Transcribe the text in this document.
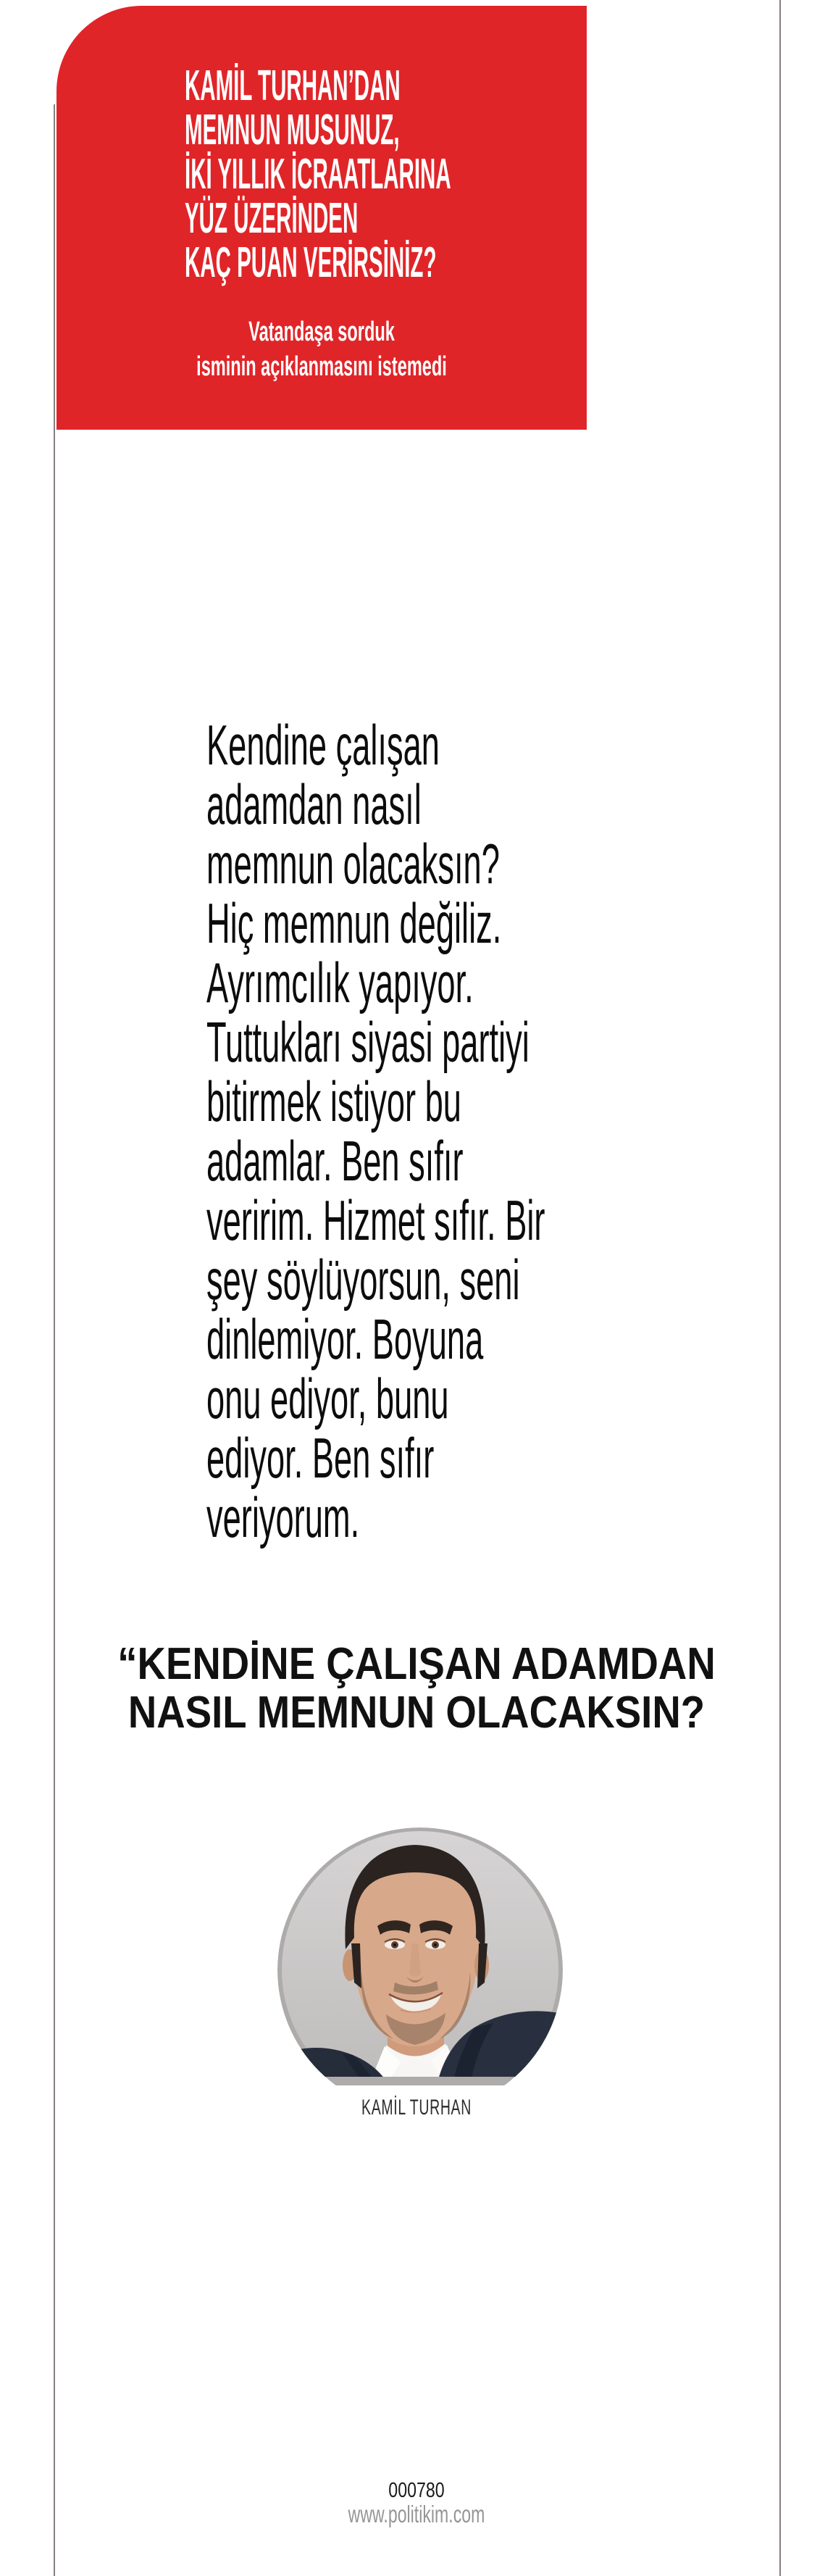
KAMİL TURHAN’DAN
MEMNUN MUSUNUZ,
İKİ YILLIK İCRAATLARINA
YÜZ ÜZERİNDEN
KAÇ PUAN VERİRSİNİZ?
Vatandaşa sorduk
isminin açıklanmasını istemedi
Kendine çalışan
adamdan nasıl
memnun olacaksın?
Hiç memnun değiliz.
Ayrımcılık yapıyor.
Tuttukları siyasi partiyi
bitirmek istiyor bu
adamlar. Ben sıfır
veririm. Hizmet sıfır. Bir
şey söylüyorsun, seni
dinlemiyor. Boyuna
onu ediyor, bunu
ediyor. Ben sıfır
veriyorum.
“KENDİNE ÇALIŞAN ADAMDAN
NASIL MEMNUN OLACAKSIN?
KAMİL TURHAN
000780
www.politikim.com
